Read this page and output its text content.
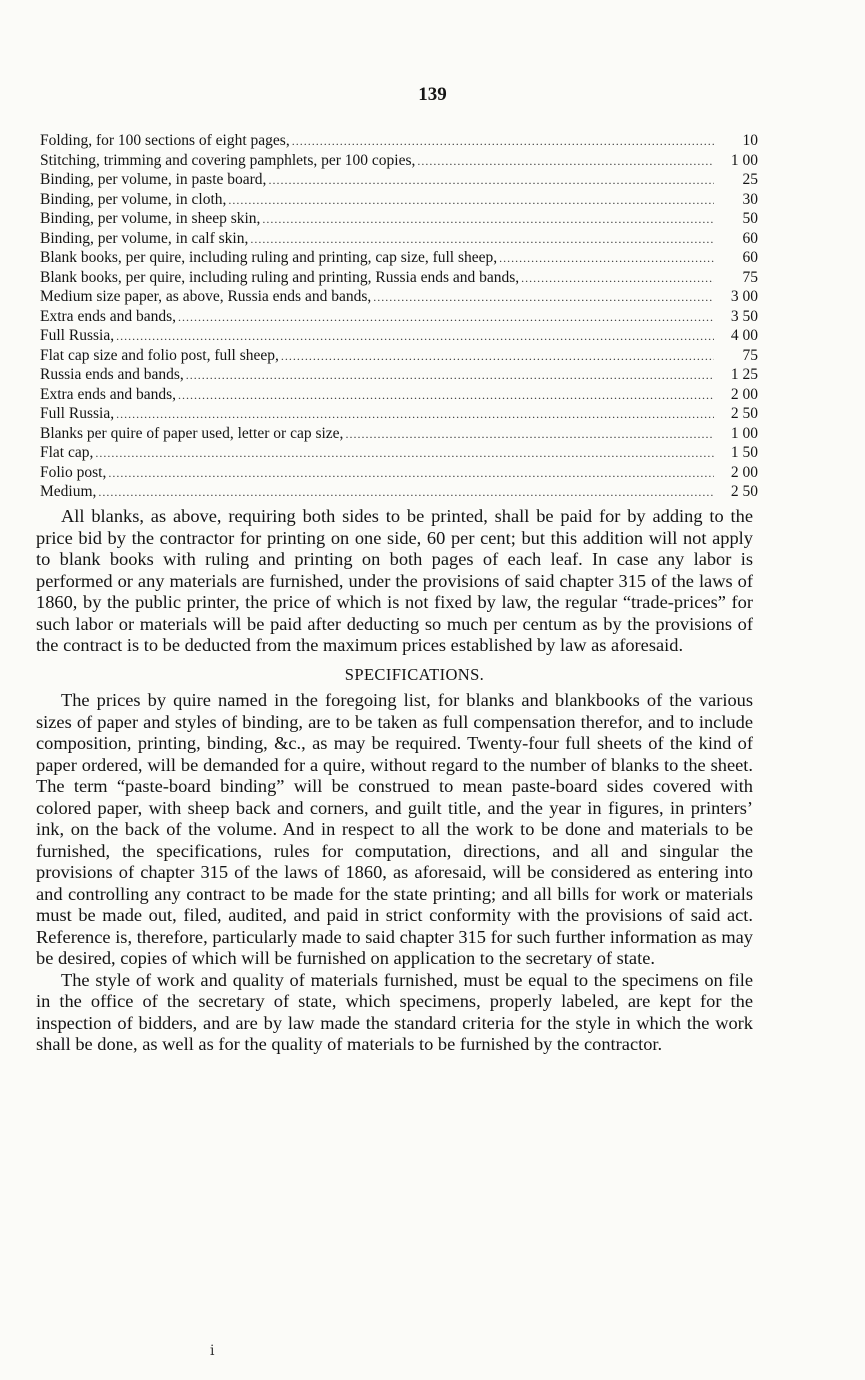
139
Folding, for 100 sections of eight pages, .....	10
Stitching, trimming and covering pamphlets, per 100 copies, .....	1 00
Binding, per volume, in paste board, .....	25
Binding, per volume, in cloth, .....	30
Binding, per volume, in sheep skin, .....	50
Binding, per volume, in calf skin, .....	60
Blank books, per quire, including ruling and printing, cap size, full sheep, .....	60
Blank books, per quire, including ruling and printing, Russia ends and bands, .....	75
Medium size paper, as above, Russia ends and bands, .....	3 00
Extra ends and bands, .....	3 50
Full Russia, .....	4 00
Flat cap size and folio post, full sheep, .....	75
Russia ends and bands, .....	1 25
Extra ends and bands, .....	2 00
Full Russia, .....	2 50
Blanks per quire of paper used, letter or cap size, .....	1 00
Flat cap, .....	1 50
Folio post, .....	2 00
Medium, .....	2 50

All blanks, as above, requiring both sides to be printed, shall be paid for by adding to the price bid by the contractor for printing on one side, 60 per cent; but this addition will not apply to blank books with ruling and printing on both pages of each leaf. In case any labor is performed or any materials are furnished, under the provisions of said chapter 315 of the laws of 1860, by the public printer, the price of which is not fixed by law, the regular “trade-prices” for such labor or materials will be paid after deducting so much per centum as by the provisions of the contract is to be deducted from the maximum prices established by law as aforesaid.

SPECIFICATIONS.

The prices by quire named in the foregoing list, for blanks and blankbooks of the various sizes of paper and styles of binding, are to be taken as full compensation therefor, and to include composition, printing, binding, &c., as may be required. Twenty-four full sheets of the kind of paper ordered, will be demanded for a quire, without regard to the number of blanks to the sheet. The term “paste-board binding” will be construed to mean paste-board sides covered with colored paper, with sheep back and corners, and guilt title, and the year in figures, in printers’ ink, on the back of the volume. And in respect to all the work to be done and materials to be furnished, the specifications, rules for computation, directions, and all and singular the provisions of chapter 315 of the laws of 1860, as aforesaid, will be considered as entering into and controlling any contract to be made for the state printing; and all bills for work or materials must be made out, filed, audited, and paid in strict conformity with the provisions of said act. Reference is, therefore, particularly made to said chapter 315 for such further information as may be desired, copies of which will be furnished on application to the secretary of state.

The style of work and quality of materials furnished, must be equal to the specimens on file in the office of the secretary of state, which specimens, properly labeled, are kept for the inspection of bidders, and are by law made the standard criteria for the style in which the work shall be done, as well as for the quality of materials to be furnished by the contractor.

ⅰ
